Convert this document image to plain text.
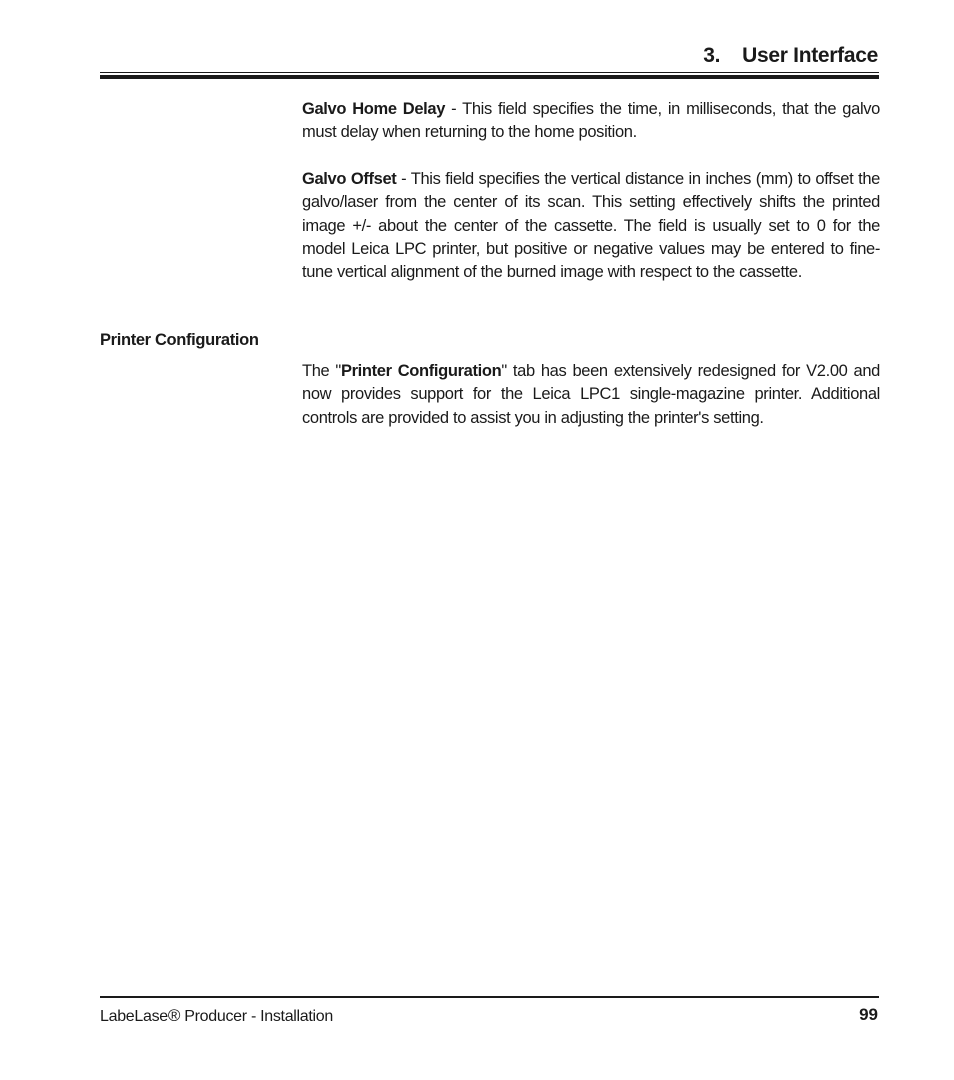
3. User Interface

Galvo Home Delay - This field specifies the time, in milliseconds, that the galvo must delay when returning to the home position.

Galvo Offset - This field specifies the vertical distance in inches (mm) to offset the galvo/laser from the center of its scan. This setting effectively shifts the printed image +/- about the center of the cassette. The field is usually set to 0 for the model Leica LPC printer, but positive or negative values may be entered to fine-tune vertical alignment of the burned image with respect to the cassette.

Printer Configuration

The "Printer Configuration" tab has been extensively redesigned for V2.00 and now provides support for the Leica LPC1 single-magazine printer. Additional controls are provided to assist you in adjusting the printer's setting.

LabeLase® Producer - Installation	99
